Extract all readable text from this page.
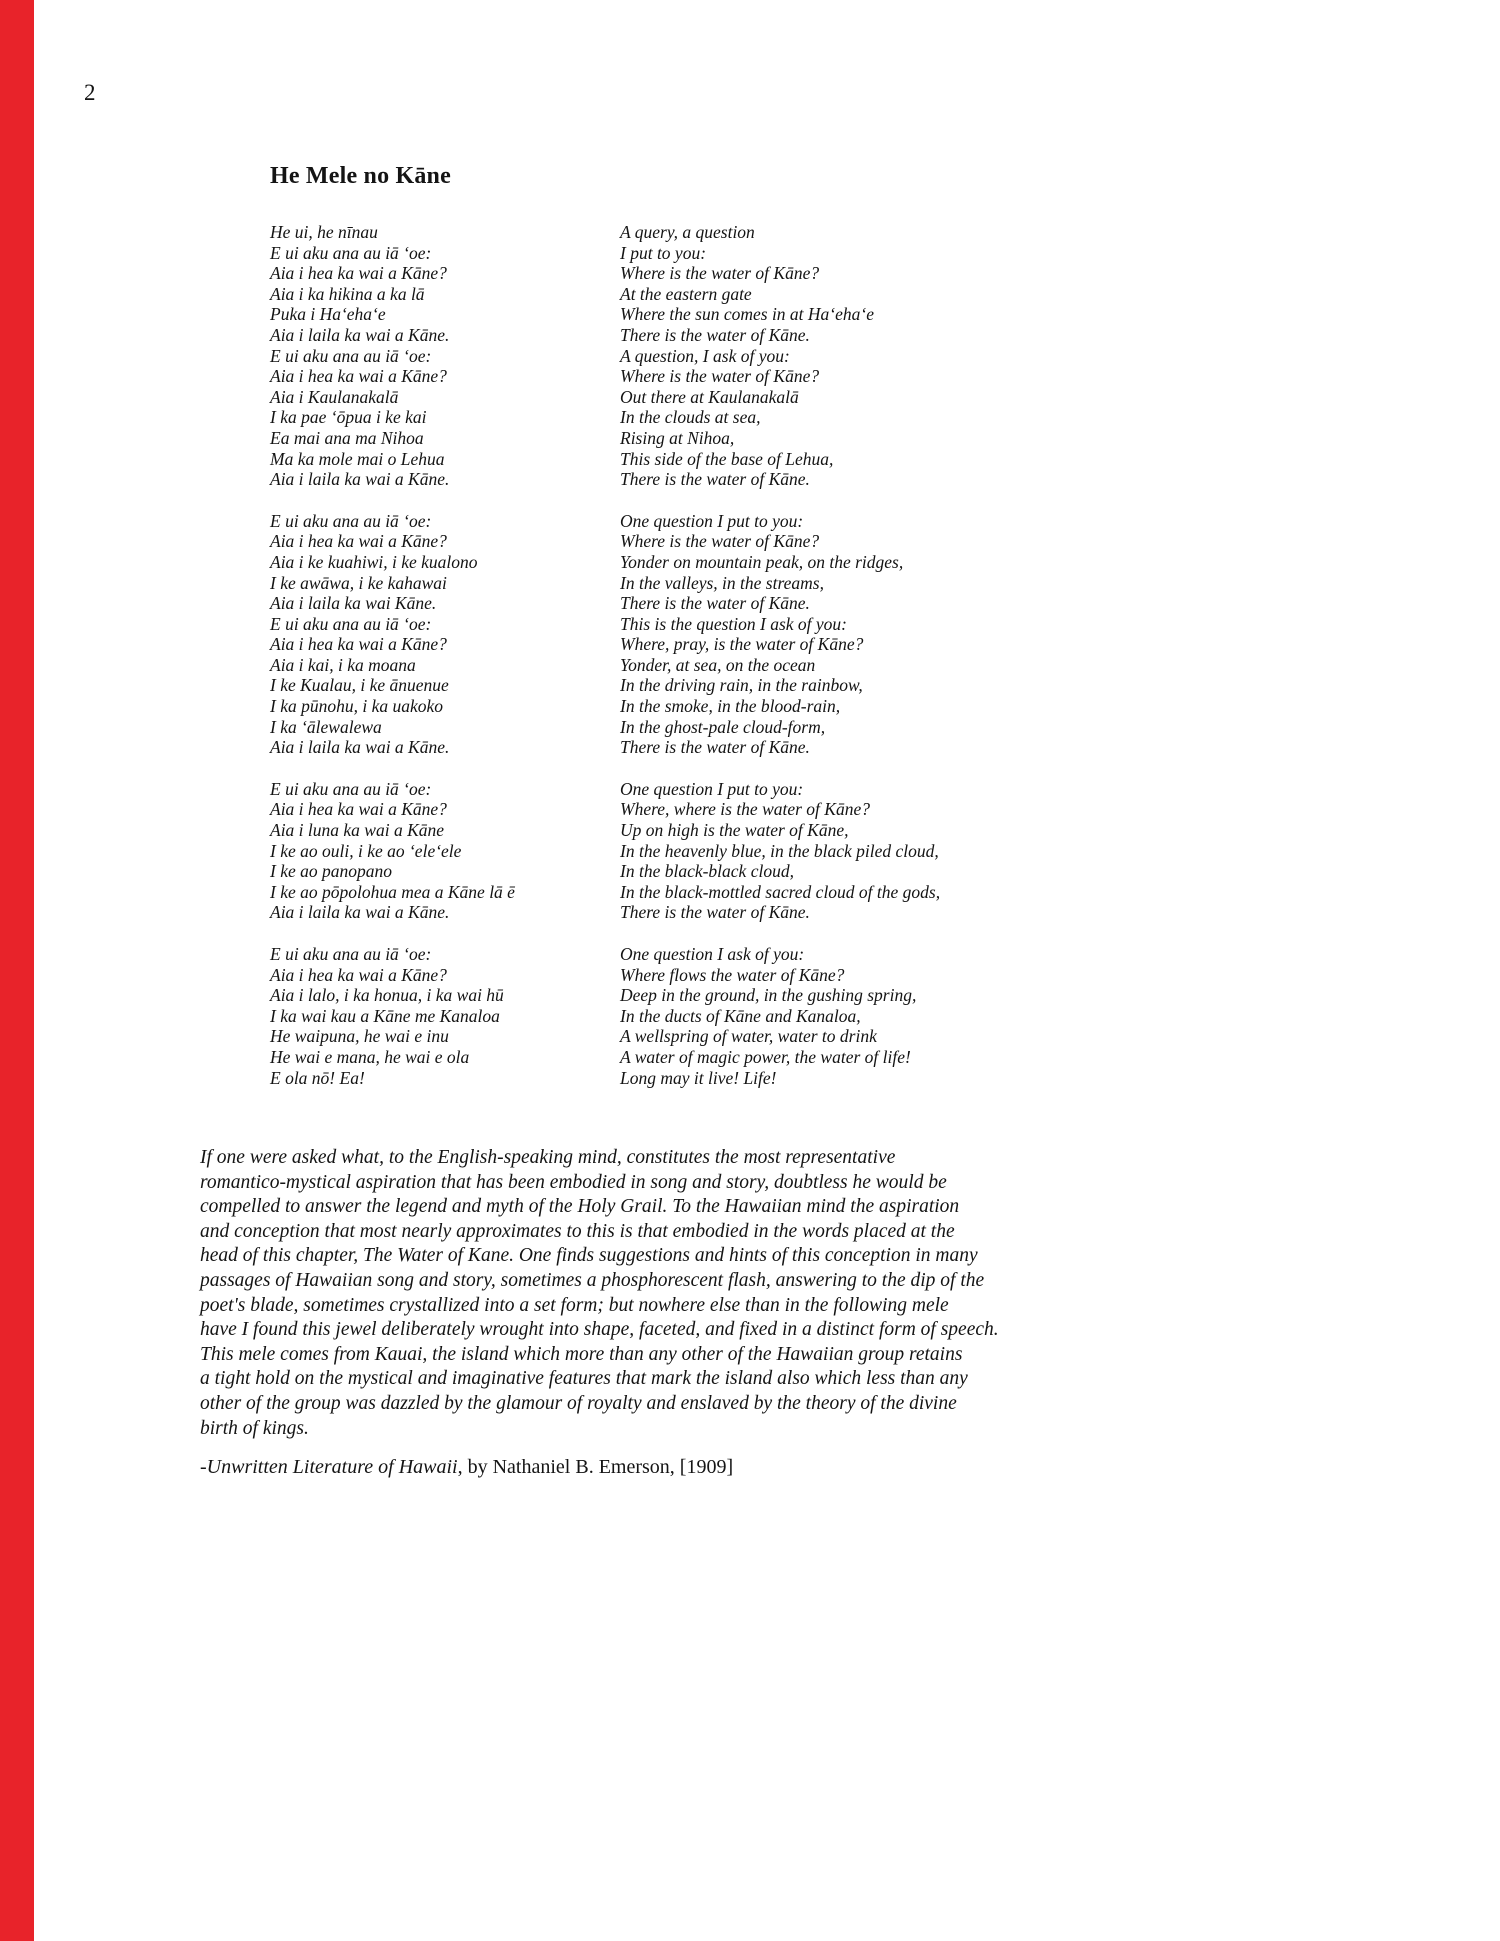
2
He Mele no Kāne
He ui, he nīnau
E ui aku ana au iā ʻoe:
Aia i hea ka wai a Kāne?
Aia i ka hikina a ka lā
Puka i Haʻehaʻe
Aia i laila ka wai a Kāne.
E ui aku ana au iā ʻoe:
Aia i hea ka wai a Kāne?
Aia i Kaulanakalā
I ka pae ʻōpua i ke kai
Ea mai ana ma Nihoa
Ma ka mole mai o Lehua
Aia i laila ka wai a Kāne.
A query, a question
I put to you:
Where is the water of Kāne?
At the eastern gate
Where the sun comes in at Haʻehaʻe
There is the water of Kāne.
A question, I ask of you:
Where is the water of Kāne?
Out there at Kaulanakalā
In the clouds at sea,
Rising at Nihoa,
This side of the base of Lehua,
There is the water of Kāne.
E ui aku ana au iā ʻoe:
Aia i hea ka wai a Kāne?
Aia i ke kuahiwi, i ke kualono
I ke awāwa, i ke kahawai
Aia i laila ka wai Kāne.
E ui aku ana au iā ʻoe:
Aia i hea ka wai a Kāne?
Aia i kai, i ka moana
I ke Kualau, i ke ānuenue
I ka pūnohu, i ka uakoko
I ka ʻālewalewa
Aia i laila ka wai a Kāne.
One question I put to you:
Where is the water of Kāne?
Yonder on mountain peak, on the ridges,
In the valleys, in the streams,
There is the water of Kāne.
This is the question I ask of you:
Where, pray, is the water of Kāne?
Yonder, at sea, on the ocean
In the driving rain, in the rainbow,
In the smoke, in the blood-rain,
In the ghost-pale cloud-form,
There is the water of Kāne.
E ui aku ana au iā ʻoe:
Aia i hea ka wai a Kāne?
Aia i luna ka wai a Kāne
I ke ao ouli, i ke ao ʻeleʻele
I ke ao panopano
I ke ao pōpolohua mea a Kāne lā ē
Aia i laila ka wai a Kāne.
One question I put to you:
Where, where is the water of Kāne?
Up on high is the water of Kāne,
In the heavenly blue, in the black piled cloud,
In the black-black cloud,
In the black-mottled sacred cloud of the gods,
There is the water of Kāne.
E ui aku ana au iā ʻoe:
Aia i hea ka wai a Kāne?
Aia i lalo, i ka honua, i ka wai hū
I ka wai kau a Kāne me Kanaloa
He waipuna, he wai e inu
He wai e mana, he wai e ola
E ola nō! Ea!
One question I ask of you:
Where flows the water of Kāne?
Deep in the ground, in the gushing spring,
In the ducts of Kāne and Kanaloa,
A wellspring of water, water to drink
A water of magic power, the water of life!
Long may it live! Life!
If one were asked what, to the English-speaking mind, constitutes the most representative
romantico-mystical aspiration that has been embodied in song and story, doubtless he would be
compelled to answer the legend and myth of the Holy Grail. To the Hawaiian mind the aspiration
and conception that most nearly approximates to this is that embodied in the words placed at the
head of this chapter, The Water of Kane. One finds suggestions and hints of this conception in many
passages of Hawaiian song and story, sometimes a phosphorescent flash, answering to the dip of the
poet's blade, sometimes crystallized into a set form; but nowhere else than in the following mele
have I found this jewel deliberately wrought into shape, faceted, and fixed in a distinct form of speech.
This mele comes from Kauai, the island which more than any other of the Hawaiian group retains
a tight hold on the mystical and imaginative features that mark the island also which less than any
other of the group was dazzled by the glamour of royalty and enslaved by the theory of the divine
birth of kings.
-Unwritten Literature of Hawaii, by Nathaniel B. Emerson, [1909]
